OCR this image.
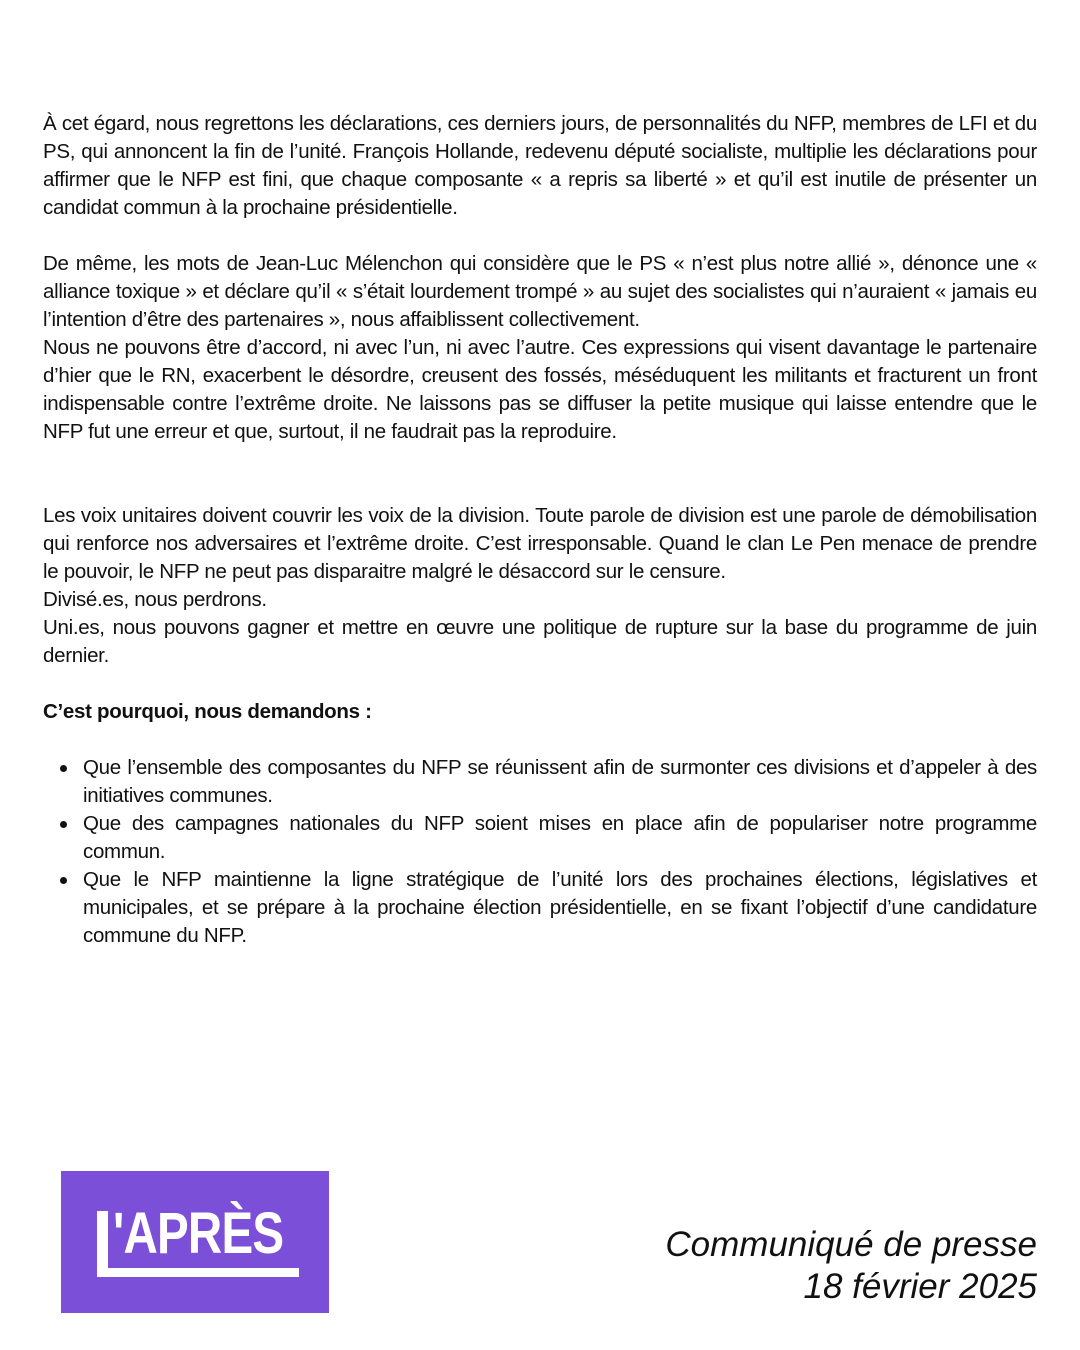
À cet égard, nous regrettons les déclarations, ces derniers jours, de personnalités du NFP, membres de LFI et du PS, qui annoncent la fin de l’unité. François Hollande, redevenu député socialiste, multiplie les déclarations pour affirmer que le NFP est fini, que chaque composante « a repris sa liberté » et qu’il est inutile de présenter un candidat commun à la prochaine présidentielle.

De même, les mots de Jean-Luc Mélenchon qui considère que le PS « n’est plus notre allié », dénonce une « alliance toxique » et déclare qu’il « s’était lourdement trompé » au sujet des socialistes qui n’auraient « jamais eu l’intention d’être des partenaires », nous affaiblissent collectivement.

Nous ne pouvons être d’accord, ni avec l’un, ni avec l’autre. Ces expressions qui visent davantage le partenaire d’hier que le RN, exacerbent le désordre, creusent des fossés, méséduquent les militants et fracturent un front indispensable contre l’extrême droite. Ne laissons pas se diffuser la petite musique qui laisse entendre que le NFP fut une erreur et que, surtout, il ne faudrait pas la reproduire.

Les voix unitaires doivent couvrir les voix de la division. Toute parole de division est une parole de démobilisation qui renforce nos adversaires et l’extrême droite. C’est irresponsable. Quand le clan Le Pen menace de prendre le pouvoir, le NFP ne peut pas disparaitre malgré le désaccord sur le censure.

Divisé.es, nous perdrons.

Uni.es, nous pouvons gagner et mettre en œuvre une politique de rupture sur la base du programme de juin dernier.

C’est pourquoi, nous demandons :

Que l’ensemble des composantes du NFP se réunissent afin de surmonter ces divisions et d’appeler à des initiatives communes.
Que des campagnes nationales du NFP soient mises en place afin de populariser notre programme commun.
Que le NFP maintienne la ligne stratégique de l’unité lors des prochaines élections, législatives et municipales, et se prépare à la prochaine élection présidentielle, en se fixant l’objectif d’une candidature commune du NFP.
'APRÈS	Communiqué de presse
18 février 2025
